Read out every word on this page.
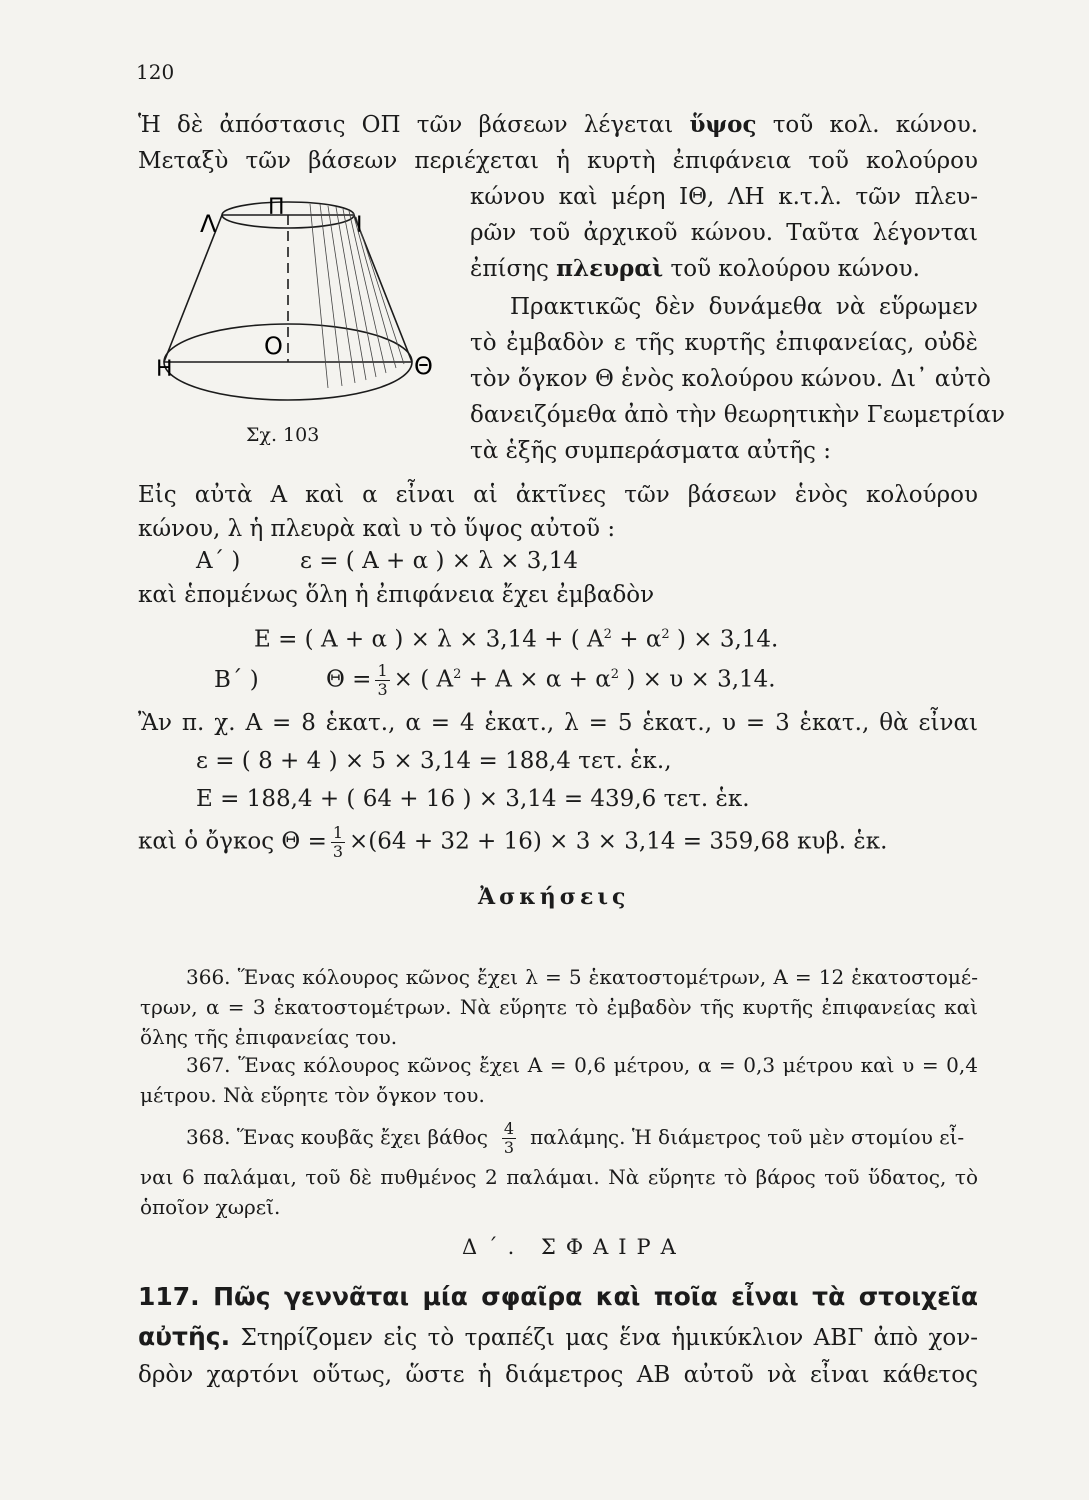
120
Ἡ δὲ ἀπόστασις ΟΠ τῶν βάσεων λέγεται ὕψος τοῦ κολ. κώνου.
Μεταξὺ τῶν βάσεων περιέχεται ἡ κυρτὴ ἐπιφάνεια τοῦ κολούρου
κώνου καὶ μέρη ΙΘ, ΛΗ κ.τ.λ. τῶν πλευ-
ρῶν τοῦ ἀρχικοῦ κώνου. Ταῦτα λέγονται
ἐπίσης πλευραὶ τοῦ κολούρου κώνου.
Πρακτικῶς δὲν δυνάμεθα νὰ εὕρωμεν
τὸ ἐμβαδὸν ε τῆς κυρτῆς ἐπιφανείας, οὐδὲ
τὸν ὄγκον Θ ἑνὸς κολούρου κώνου. Δι᾽ αὐτὸ
δανειζόμεθα ἀπὸ τὴν θεωρητικὴν Γεωμετρίαν
τὰ ἑξῆς συμπεράσματα αὐτῆς :
Λ
Π
Ι
Ο
Η	Θ
Σχ. 103
Εἰς αὐτὰ Α καὶ α εἶναι αἱ ἀκτῖνες τῶν βάσεων ἑνὸς κολούρου
κώνου, λ ἡ πλευρὰ καὶ υ τὸ ὕψος αὐτοῦ :
Α΄ )	ε = ( Α + α ) × λ × 3,14
καὶ ἑπομένως ὅλη ἡ ἐπιφάνεια ἔχει ἐμβαδὸν
Ε = ( Α + α ) × λ × 3,14 + ( $A^2 + \alpha^2$ ) × 3,14.
Β΄ )	$\Theta = \frac{1}{3}$ × ( $A^2 + A \times \alpha + \alpha^2$ ) × υ × 3,14.
Ἂν π. χ. Α = 8 ἑκατ., α = 4 ἑκατ., λ = 5 ἑκατ., υ = 3 ἑκατ., θὰ εἶναι
ε = ( 8 + 4 ) × 5 × 3,14 = 188,4 τετ. ἑκ.,
Ε = 188,4 + ( 64 + 16 ) × 3,14 = 439,6 τετ. ἑκ.
καὶ ὁ ὄγκος $\Theta = \frac{1}{3} \times(64 + 32 + 16) \times 3 \times 3,14 = 359,68$ κυβ. ἑκ.
Ἀσκήσεις
366. Ἕνας κόλουρος κῶνος ἔχει λ = 5 ἑκατοστομέτρων, Α = 12 ἑκατοστομέ-
τρων, α = 3 ἑκατοστομέτρων. Νὰ εὕρητε τὸ ἐμβαδὸν τῆς κυρτῆς ἐπιφανείας καὶ
ὅλης τῆς ἐπιφανείας του.
367. Ἕνας κόλουρος κῶνος ἔχει Α = 0,6 μέτρου, α = 0,3 μέτρου καὶ υ = 0,4
μέτρου. Νὰ εὕρητε τὸν ὄγκον του.
368. Ἕνας κουβᾶς ἔχει βάθος $\frac{4}{3} \pi\alpha\lambda ά\mu\eta\varsigma$. Ἡ διάμετρος τοῦ μὲν στομίου εἶ-
ναι 6 παλάμαι, τοῦ δὲ πυθμένος 2 παλάμαι. Νὰ εὕρητε τὸ βάρος τοῦ ὕδατος, τὸ
ὁποῖον χωρεῖ.
Δ΄. ΣΦΑΙΡΑ
117. Πῶς γεννᾶται μία σφαῖρα καὶ ποῖα εἶναι τὰ στοιχεῖα
αὐτῆς. Στηρίζομεν εἰς τὸ τραπέζι μας ἕνα ἡμικύκλιον ΑΒΓ ἀπὸ χον-
δρὸν χαρτόνι οὕτως, ὥστε ἡ διάμετρος ΑΒ αὐτοῦ νὰ εἶναι κάθετος
